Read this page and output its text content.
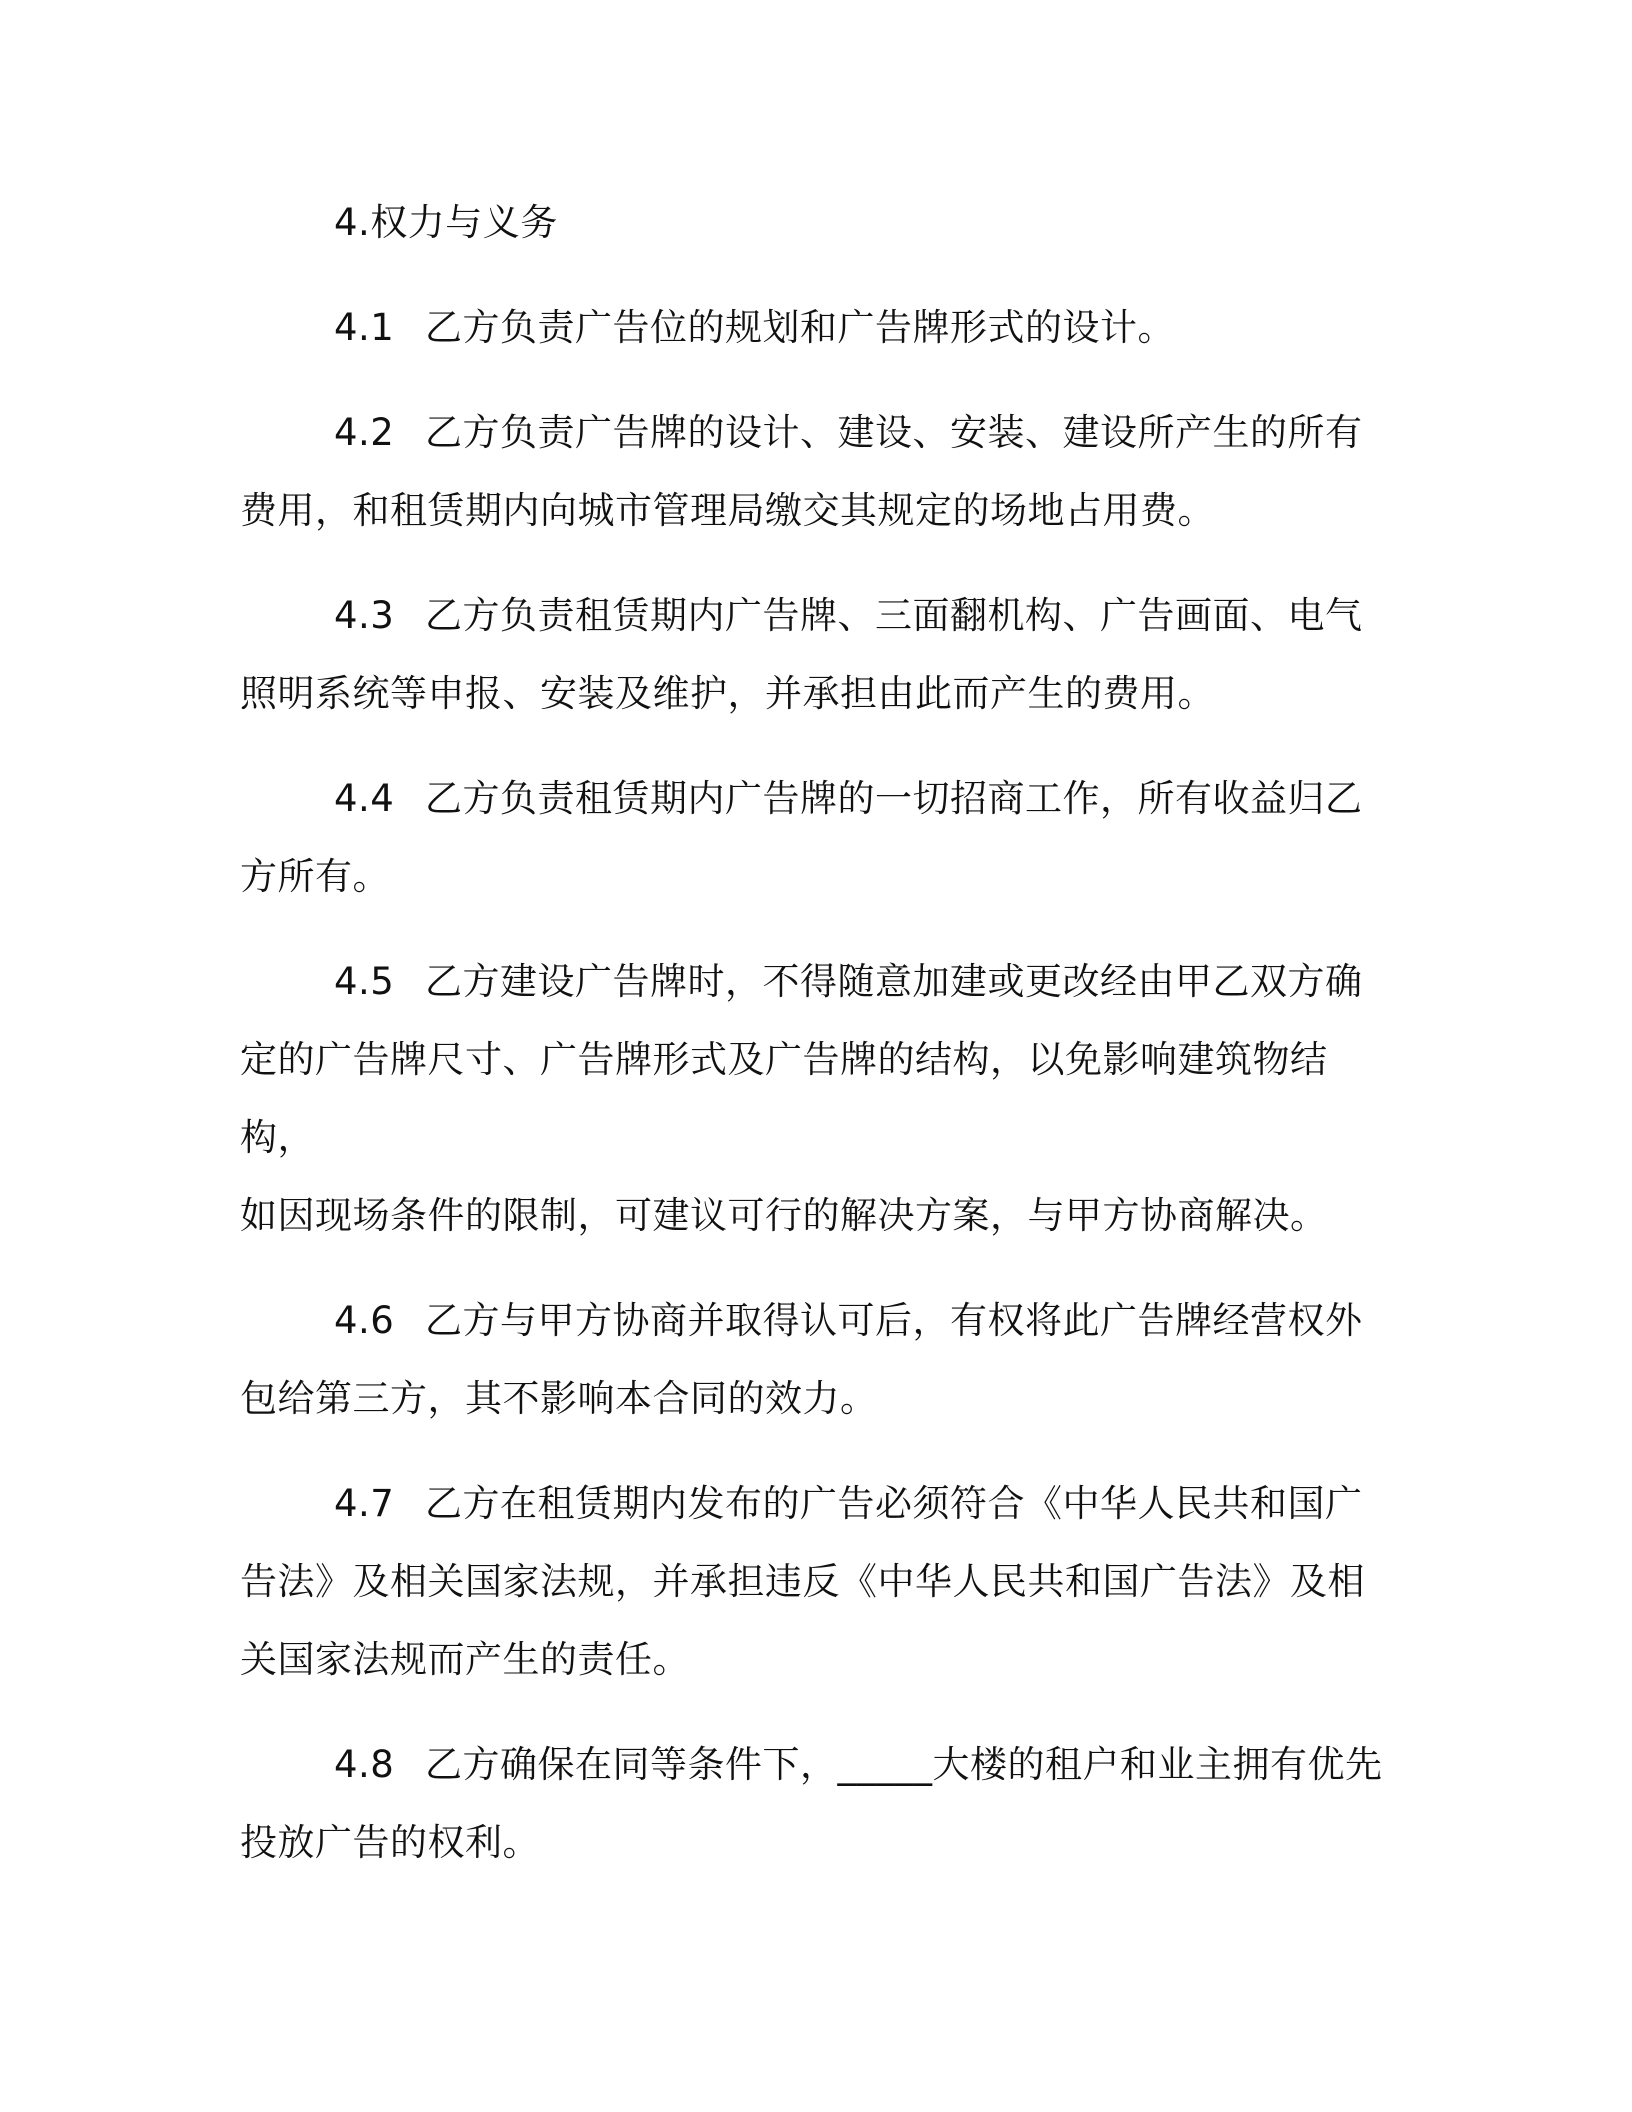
4.权力与义务
4.1 乙方负责广告位的规划和广告牌形式的设计。
4.2 乙方负责广告牌的设计、建设、安装、建设所产生的所有
费用，和租赁期内向城市管理局缴交其规定的场地占用费。
4.3 乙方负责租赁期内广告牌、三面翻机构、广告画面、电气
照明系统等申报、安装及维护，并承担由此而产生的费用。
4.4 乙方负责租赁期内广告牌的一切招商工作，所有收益归乙
方所有。
4.5 乙方建设广告牌时，不得随意加建或更改经由甲乙双方确
定的广告牌尺寸、广告牌形式及广告牌的结构，以免影响建筑物结构，
如因现场条件的限制，可建议可行的解决方案，与甲方协商解决。
4.6 乙方与甲方协商并取得认可后，有权将此广告牌经营权外
包给第三方，其不影响本合同的效力。
4.7 乙方在租赁期内发布的广告必须符合《中华人民共和国广
告法》及相关国家法规，并承担违反《中华人民共和国广告法》及相
关国家法规而产生的责任。
4.8 乙方确保在同等条件下，_____大楼的租户和业主拥有优先
投放广告的权利。
